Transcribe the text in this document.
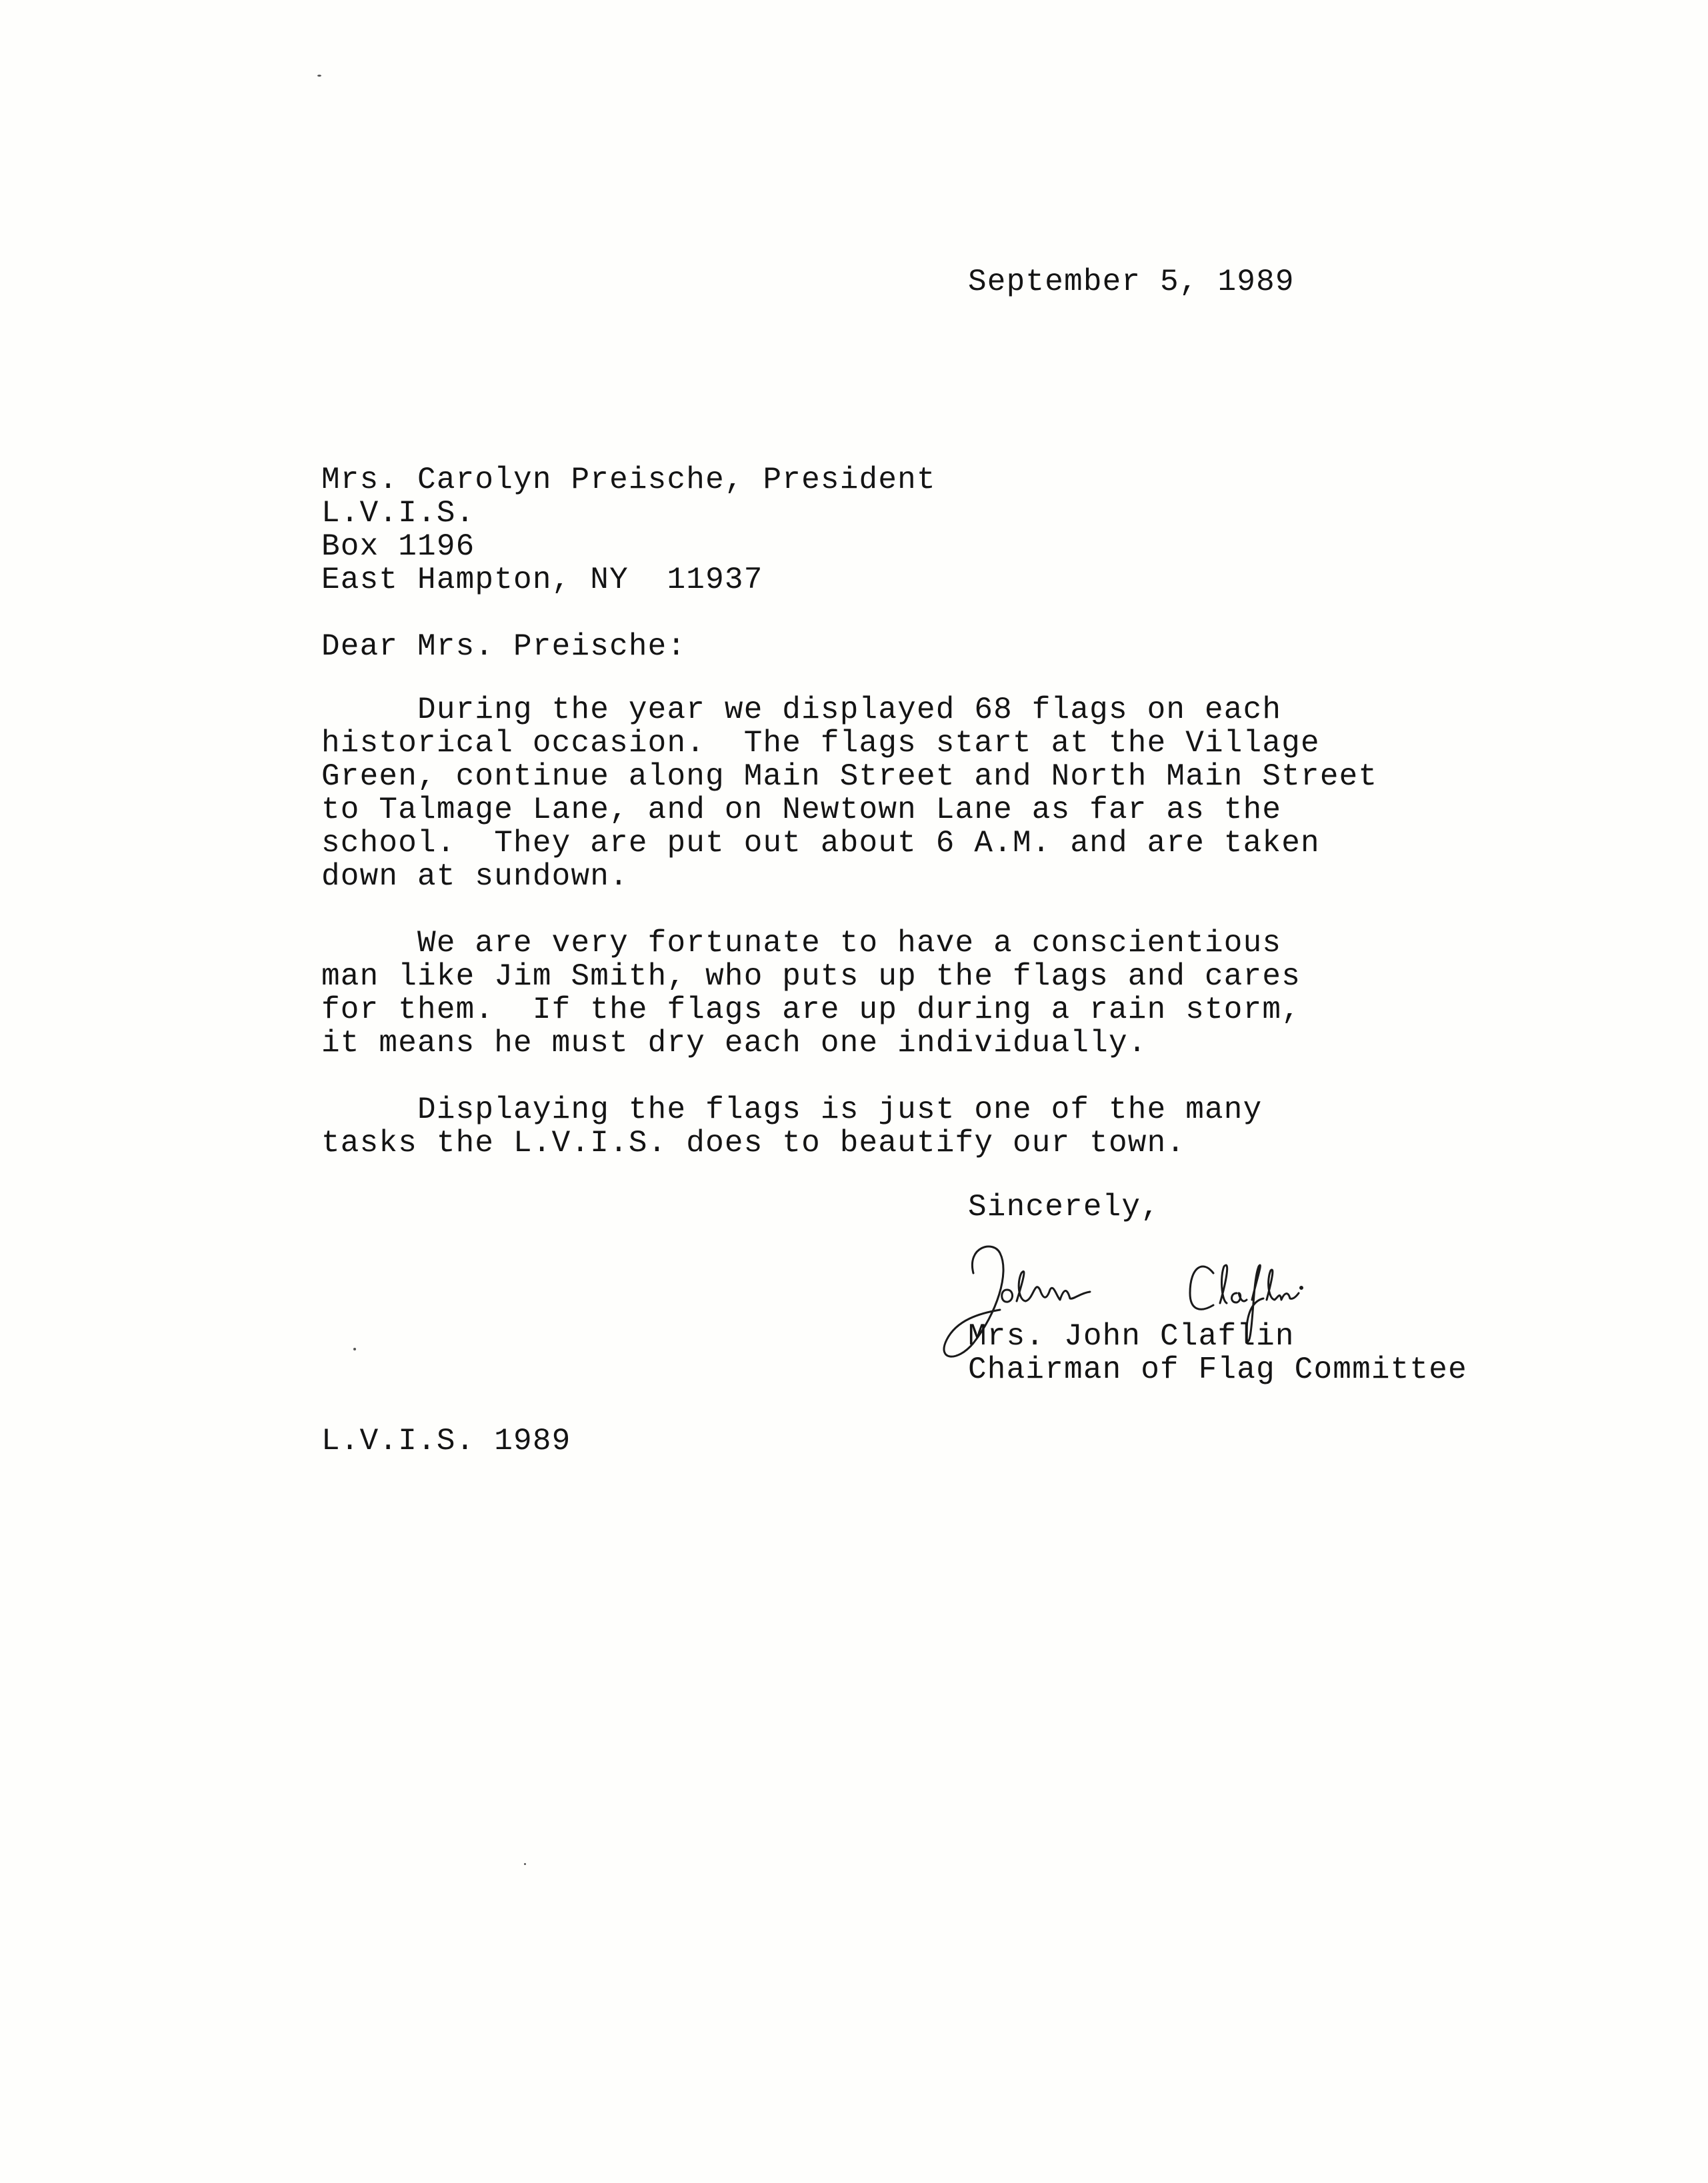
September 5, 1989
Mrs. Carolyn Preische, President
L.V.I.S.
Box 1196
East Hampton, NY  11937
Dear Mrs. Preische:
During the year we displayed 68 flags on each
historical occasion.  The flags start at the Village
Green, continue along Main Street and North Main Street
to Talmage Lane, and on Newtown Lane as far as the
school.  They are put out about 6 A.M. and are taken
down at sundown.
We are very fortunate to have a conscientious
man like Jim Smith, who puts up the flags and cares
for them.  If the flags are up during a rain storm,
it means he must dry each one individually.
Displaying the flags is just one of the many
tasks the L.V.I.S. does to beautify our town.
Sincerely,
Mrs. John Claflin
Chairman of Flag Committee
L.V.I.S. 1989
